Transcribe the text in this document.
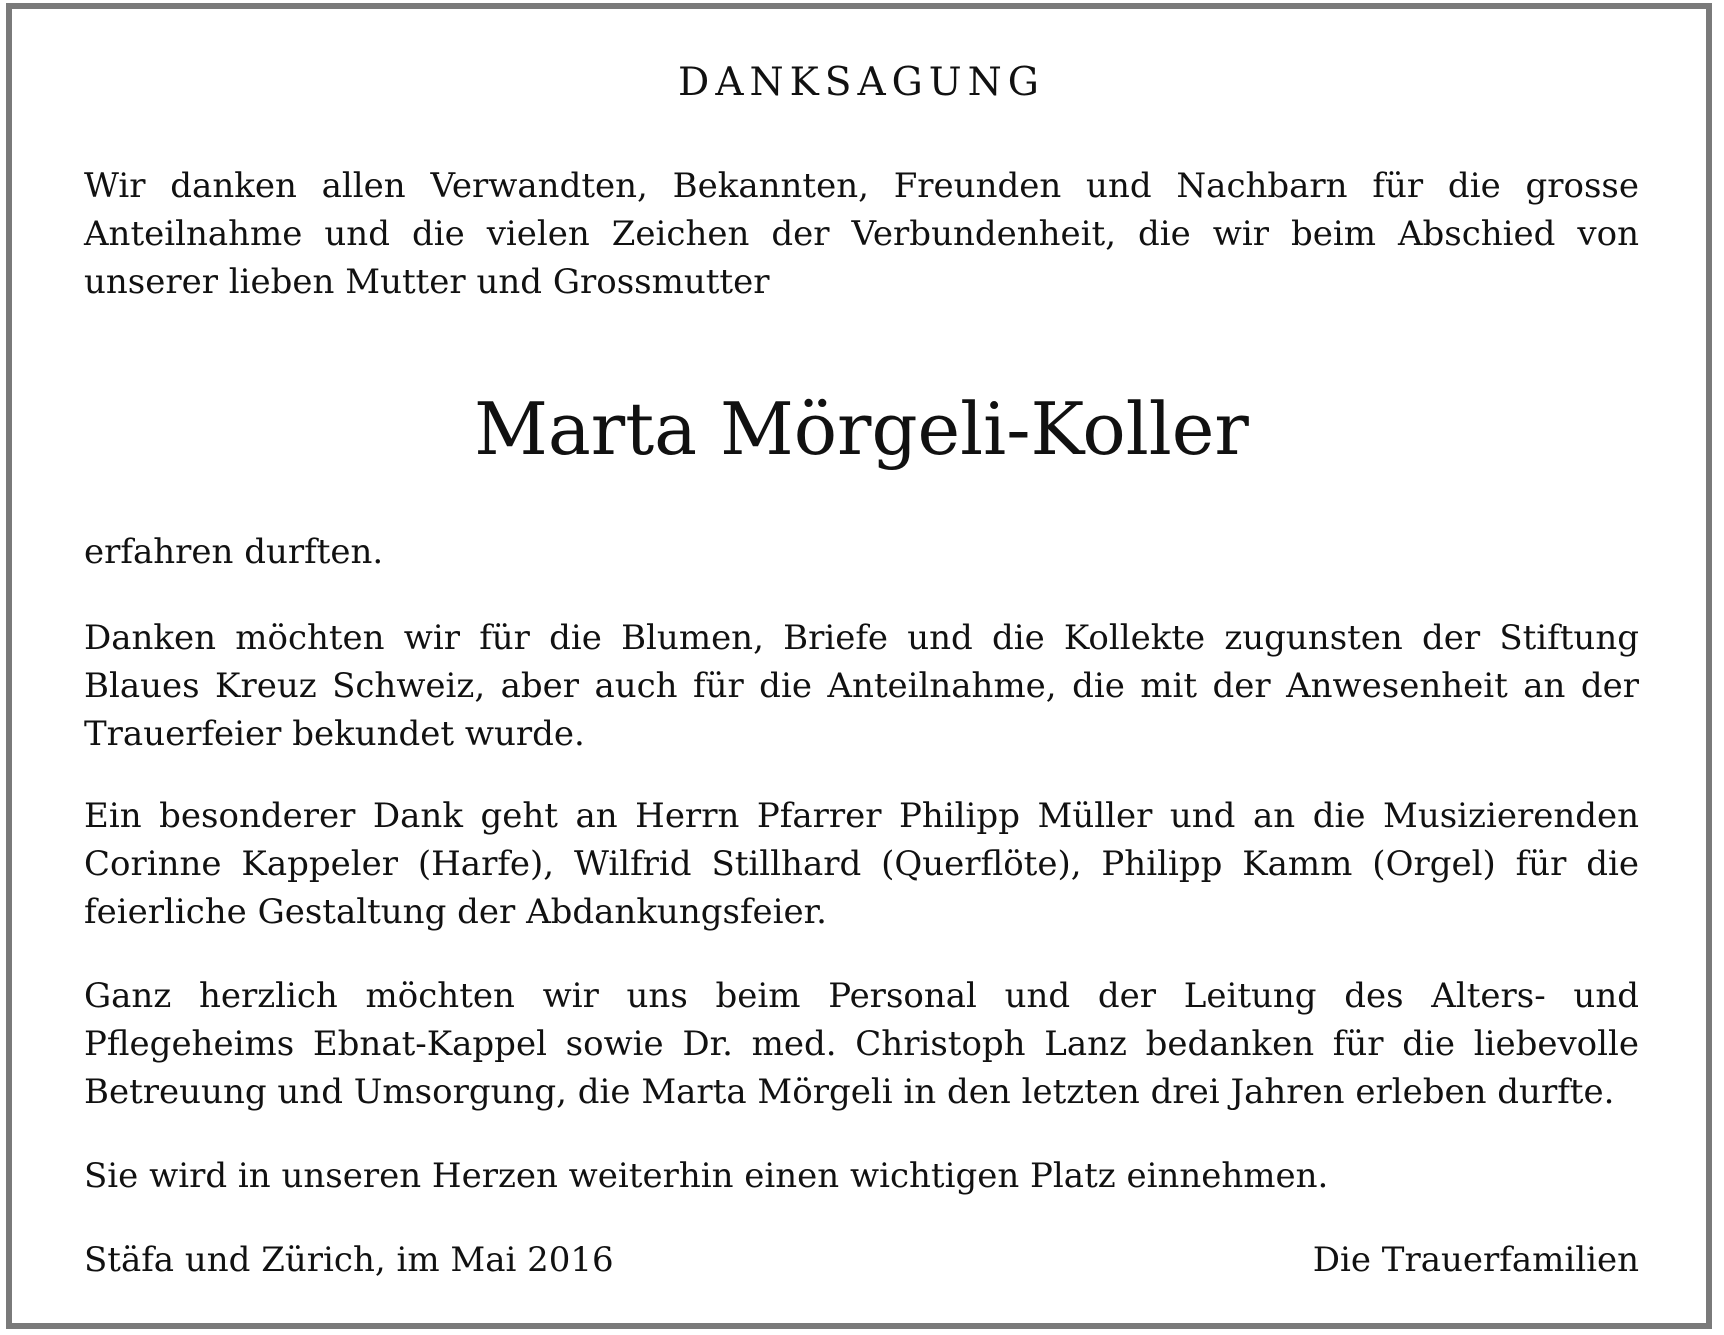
DANKSAGUNG

Wir danken allen Verwandten, Bekannten, Freunden und Nachbarn für die grosse Anteilnahme und die vielen Zeichen der Verbundenheit, die wir beim Abschied von unserer lieben Mutter und Grossmutter

Marta Mörgeli-Koller

erfahren durften.

Danken möchten wir für die Blumen, Briefe und die Kollekte zugunsten der Stiftung Blaues Kreuz Schweiz, aber auch für die Anteilnahme, die mit der Anwesenheit an der Trauerfeier bekundet wurde.

Ein besonderer Dank geht an Herrn Pfarrer Philipp Müller und an die Musizierenden Corinne Kappeler (Harfe), Wilfrid Stillhard (Querflöte), Philipp Kamm (Orgel) für die feierliche Gestaltung der Abdankungsfeier.

Ganz herzlich möchten wir uns beim Personal und der Leitung des Alters- und Pflegeheims Ebnat-Kappel sowie Dr. med. Christoph Lanz bedanken für die liebevolle Betreuung und Umsorgung, die Marta Mörgeli in den letzten drei Jahren erleben durfte.

Sie wird in unseren Herzen weiterhin einen wichtigen Platz einnehmen.

Stäfa und Zürich, im Mai 2016	Die Trauerfamilien
